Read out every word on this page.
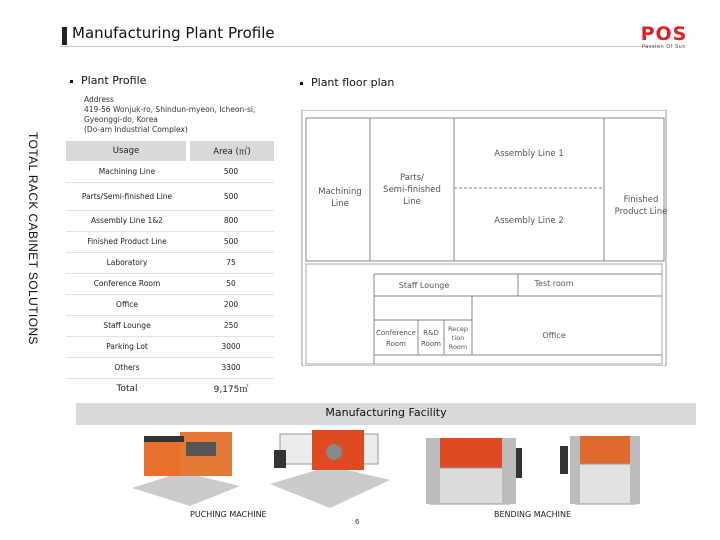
Manufacturing Plant Profile	POS
Passion Of Sun
TOTAL RACK CABINET SOLUTIONS
Plant Profile
Address
419-56 Wonjuk-ro, Shindun-myeon, Icheon-si,
Gyeonggi-do, Korea
(Do-am Industrial Complex)
Usage	Area (㎡)
Machining Line	500
Parts/Semi-finished Line	500
Assembly Line 1&2	800
Finished Product Line	500
Laboratory	75
Conference Room	50
Office	200
Staff Lounge	250
Parking Lot	3000
Others	3300
Total	9,175㎡
Plant floor plan
Assembly Line 1
Assembly Line 2
Machining
Line
Parts/
Semi-finished
Line	Finished
Product Line
Staff Lounge	Test room
Conference
Room
R&D
Room
Recep
tion
Room
Office
Manufacturing Facility
PUCHING MACHINE	BENDING MACHINE
6
